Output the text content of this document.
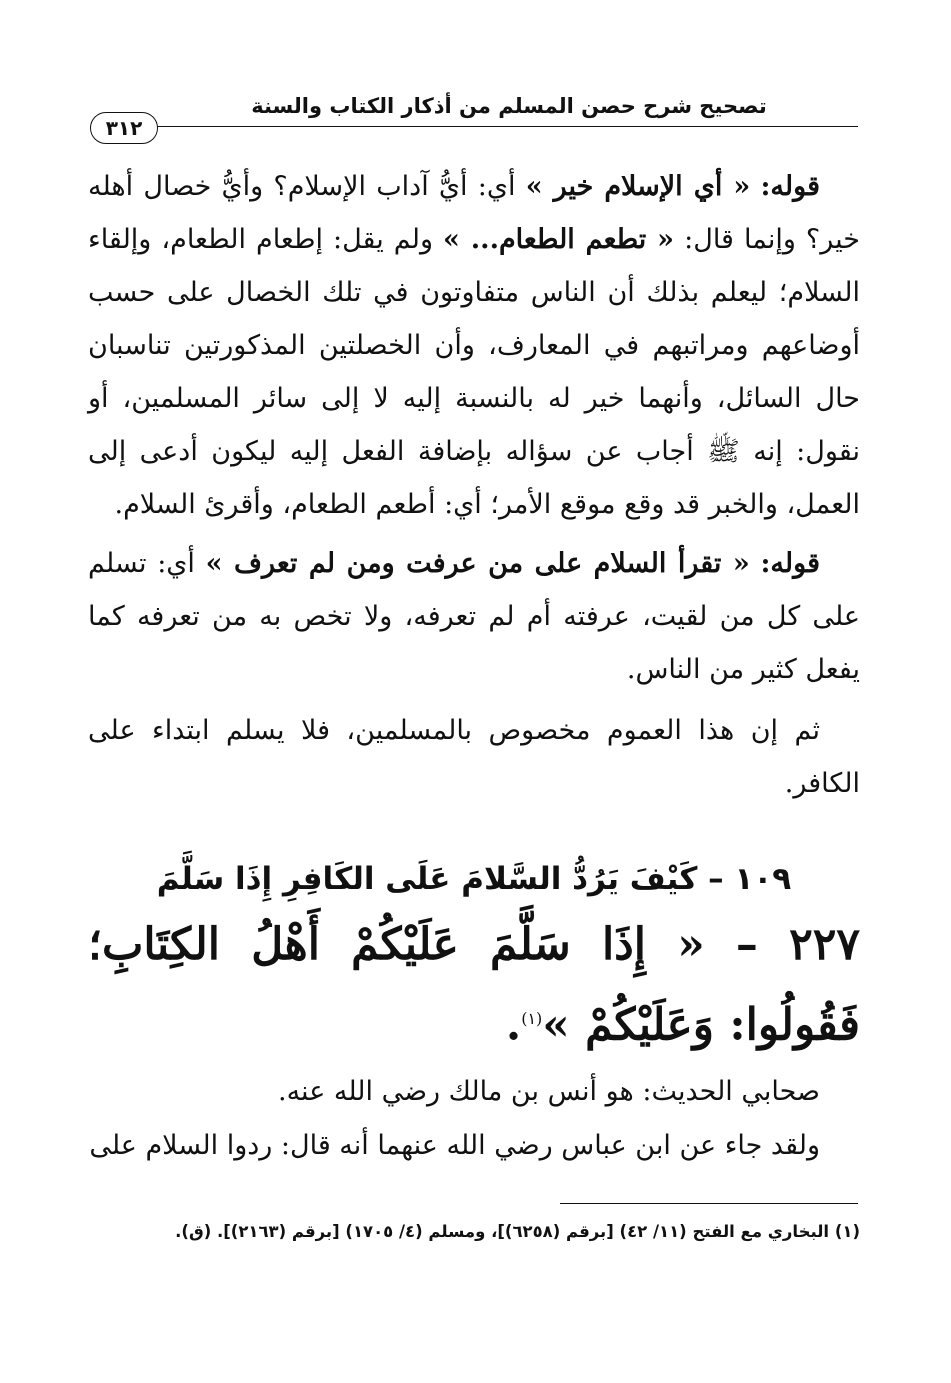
تصحيح شرح حصن المسلم من أذكار الكتاب والسنة
٣١٢

قوله: « أي الإسلام خير » أي: أيُّ آداب الإسلام؟ وأيُّ خصال أهله خير؟ وإنما قال: « تطعم الطعام... » ولم يقل: إطعام الطعام، وإلقاء السلام؛ ليعلم بذلك أن الناس متفاوتون في تلك الخصال على حسب أوضاعهم ومراتبهم في المعارف، وأن الخصلتين المذكورتين تناسبان حال السائل، وأنهما خير له بالنسبة إليه لا إلى سائر المسلمين، أو نقول: إنه ﷺ أجاب عن سؤاله بإضافة الفعل إليه ليكون أدعى إلى العمل، والخبر قد وقع موقع الأمر؛ أي: أطعم الطعام، وأقرئ السلام.

قوله: « تقرأ السلام على من عرفت ومن لم تعرف » أي: تسلم على كل من لقيت، عرفته أم لم تعرفه، ولا تخص به من تعرفه كما يفعل كثير من الناس.

ثم إن هذا العموم مخصوص بالمسلمين، فلا يسلم ابتداء على الكافر.

١٠٩ – كَيْفَ يَرُدُّ السَّلامَ عَلَى الكَافِرِ إِذَا سَلَّمَ

٢٢٧ – « إِذَا سَلَّمَ عَلَيْكُمْ أَهْلُ الكِتَابِ؛ فَقُولُوا: وَعَلَيْكُمْ »$^{(١)}$.

صحابي الحديث: هو أنس بن مالك رضي الله عنه.

ولقد جاء عن ابن عباس رضي الله عنهما أنه قال: ردوا السلام على

(١) البخاري مع الفتح (١١/ ٤٢) [برقم (٦٢٥٨)]، ومسلم (٤/ ١٧٠٥) [برقم (٢١٦٣)]. (ق).
